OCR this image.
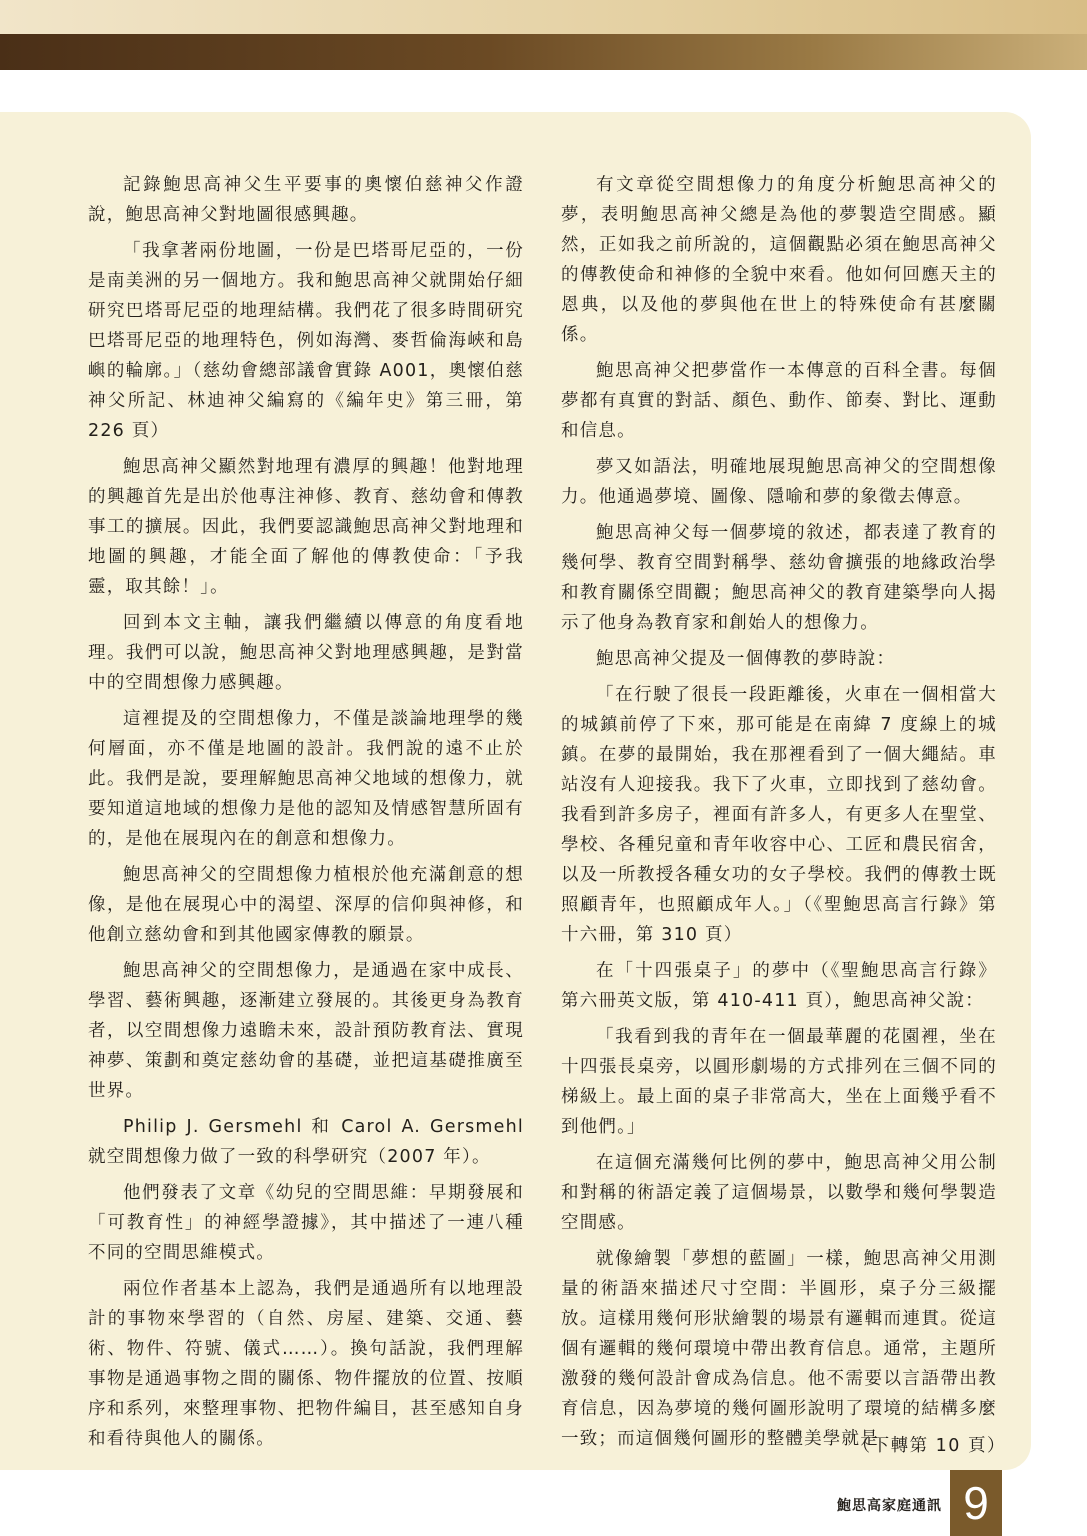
記錄鮑思高神父生平要事的奧懷伯慈神父作證說，鮑思高神父對地圖很感興趣。

「我拿著兩份地圖，一份是巴塔哥尼亞的，一份是南美洲的另一個地方。我和鮑思高神父就開始仔細研究巴塔哥尼亞的地理結構。我們花了很多時間研究巴塔哥尼亞的地理特色，例如海灣、麥哲倫海峽和島嶼的輪廓。」（慈幼會總部議會實錄 A001，奧懷伯慈神父所記、林迪神父編寫的《編年史》第三冊，第 226 頁）

鮑思高神父顯然對地理有濃厚的興趣！他對地理的興趣首先是出於他專注神修、教育、慈幼會和傳教事工的擴展。因此，我們要認識鮑思高神父對地理和地圖的興趣，才能全面了解他的傳教使命：「予我靈，取其餘！」。

回到本文主軸，讓我們繼續以傳意的角度看地理。我們可以說，鮑思高神父對地理感興趣，是對當中的空間想像力感興趣。

這裡提及的空間想像力，不僅是談論地理學的幾何層面，亦不僅是地圖的設計。我們說的遠不止於此。我們是說，要理解鮑思高神父地域的想像力，就要知道這地域的想像力是他的認知及情感智慧所固有的，是他在展現內在的創意和想像力。

鮑思高神父的空間想像力植根於他充滿創意的想像，是他在展現心中的渴望、深厚的信仰與神修，和他創立慈幼會和到其他國家傳教的願景。

鮑思高神父的空間想像力，是通過在家中成長、學習、藝術興趣，逐漸建立發展的。其後更身為教育者，以空間想像力遠瞻未來，設計預防教育法、實現神夢、策劃和奠定慈幼會的基礎，並把這基礎推廣至世界。

Philip J. Gersmehl 和 Carol A. Gersmehl 就空間想像力做了一致的科學研究（2007 年）。

他們發表了文章《幼兒的空間思維：早期發展和「可教育性」的神經學證據》，其中描述了一連八種不同的空間思維模式。

兩位作者基本上認為，我們是通過所有以地理設計的事物來學習的（自然、房屋、建築、交通、藝術、物件、符號、儀式……）。換句話說，我們理解事物是通過事物之間的關係、物件擺放的位置、按順序和系列，來整理事物、把物件編目，甚至感知自身和看待與他人的關係。

有文章從空間想像力的角度分析鮑思高神父的夢，表明鮑思高神父總是為他的夢製造空間感。顯然，正如我之前所說的，這個觀點必須在鮑思高神父的傳教使命和神修的全貌中來看。他如何回應天主的恩典，以及他的夢與他在世上的特殊使命有甚麼關係。

鮑思高神父把夢當作一本傳意的百科全書。每個夢都有真實的對話、顏色、動作、節奏、對比、運動和信息。

夢又如語法，明確地展現鮑思高神父的空間想像力。他通過夢境、圖像、隱喻和夢的象徵去傳意。

鮑思高神父每一個夢境的敘述，都表達了教育的幾何學、教育空間對稱學、慈幼會擴張的地緣政治學和教育關係空間觀；鮑思高神父的教育建築學向人揭示了他身為教育家和創始人的想像力。

鮑思高神父提及一個傳教的夢時說：

「在行駛了很長一段距離後，火車在一個相當大的城鎮前停了下來，那可能是在南緯 7 度線上的城鎮。在夢的最開始，我在那裡看到了一個大繩結。車站沒有人迎接我。我下了火車，立即找到了慈幼會。我看到許多房子，裡面有許多人，有更多人在聖堂、學校、各種兒童和青年收容中心、工匠和農民宿舍，以及一所教授各種女功的女子學校。我們的傳教士既照顧青年，也照顧成年人。」（《聖鮑思高言行錄》第十六冊，第 310 頁）

在「十四張桌子」的夢中（《聖鮑思高言行錄》第六冊英文版，第 410-411 頁），鮑思高神父說：

「我看到我的青年在一個最華麗的花園裡，坐在十四張長桌旁，以圓形劇場的方式排列在三個不同的梯級上。最上面的桌子非常高大，坐在上面幾乎看不到他們。」

在這個充滿幾何比例的夢中，鮑思高神父用公制和對稱的術語定義了這個場景，以數學和幾何學製造空間感。

就像繪製「夢想的藍圖」一樣，鮑思高神父用測量的術語來描述尺寸空間：半圓形，桌子分三級擺放。這樣用幾何形狀繪製的場景有邏輯而連貫。從這個有邏輯的幾何環境中帶出教育信息。通常，主題所激發的幾何設計會成為信息。他不需要以言語帶出教育信息，因為夢境的幾何圖形說明了環境的結構多麼一致；而這個幾何圖形的整體美學就是

（下轉第 10 頁）
鮑思高家庭通訊 9
